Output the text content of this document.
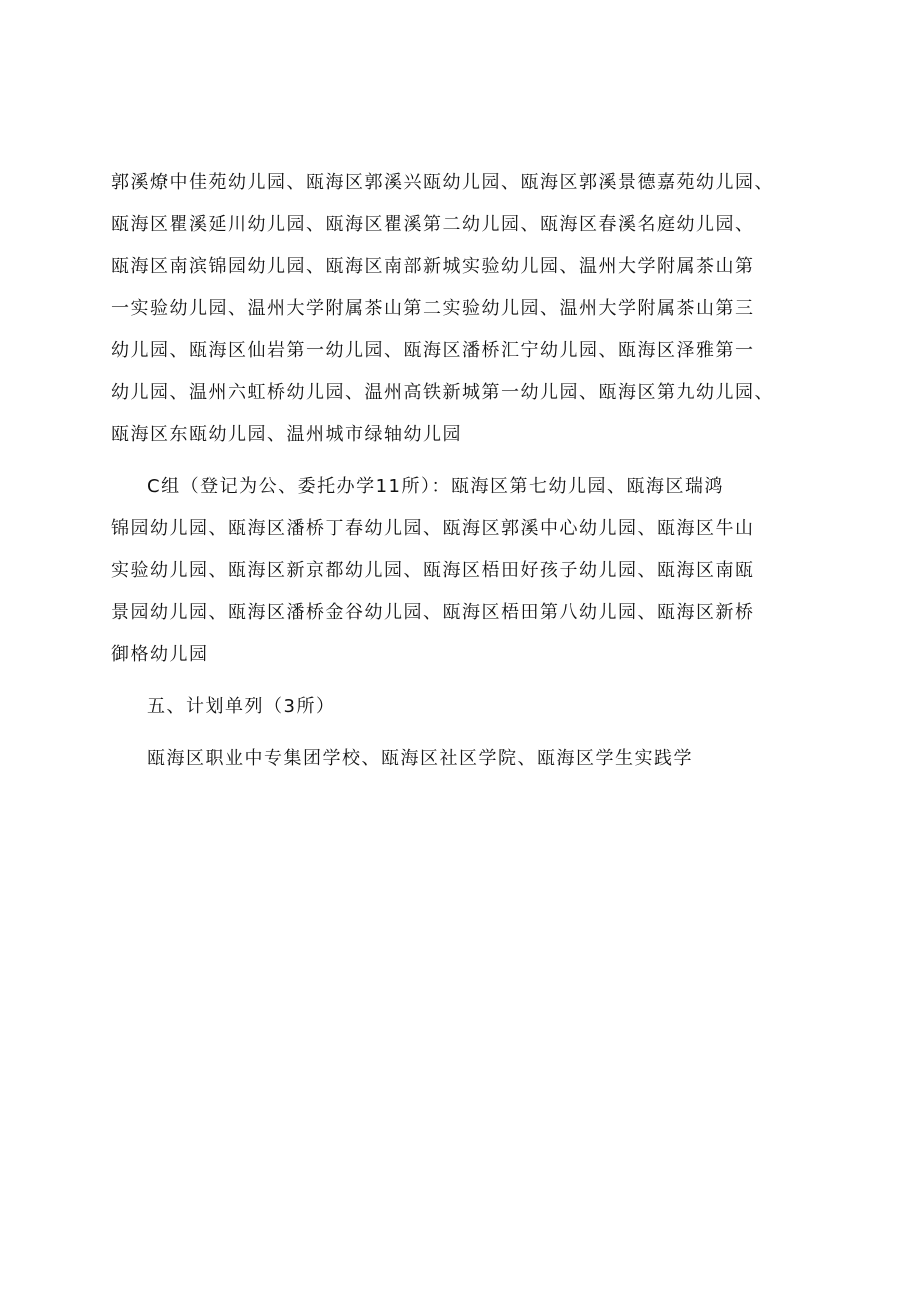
郭溪燎中佳苑幼儿园、瓯海区郭溪兴瓯幼儿园、瓯海区郭溪景德嘉苑幼儿园、
瓯海区瞿溪延川幼儿园、瓯海区瞿溪第二幼儿园、瓯海区春溪名庭幼儿园、
瓯海区南滨锦园幼儿园、瓯海区南部新城实验幼儿园、温州大学附属茶山第
一实验幼儿园、温州大学附属茶山第二实验幼儿园、温州大学附属茶山第三
幼儿园、瓯海区仙岩第一幼儿园、瓯海区潘桥汇宁幼儿园、瓯海区泽雅第一
幼儿园、温州六虹桥幼儿园、温州高铁新城第一幼儿园、瓯海区第九幼儿园、
瓯海区东瓯幼儿园、温州城市绿轴幼儿园
C组（登记为公、委托办学11所）：瓯海区第七幼儿园、瓯海区瑞鸿
锦园幼儿园、瓯海区潘桥丁春幼儿园、瓯海区郭溪中心幼儿园、瓯海区牛山
实验幼儿园、瓯海区新京都幼儿园、瓯海区梧田好孩子幼儿园、瓯海区南瓯
景园幼儿园、瓯海区潘桥金谷幼儿园、瓯海区梧田第八幼儿园、瓯海区新桥
御格幼儿园
五、计划单列（3所）
瓯海区职业中专集团学校、瓯海区社区学院、瓯海区学生实践学
